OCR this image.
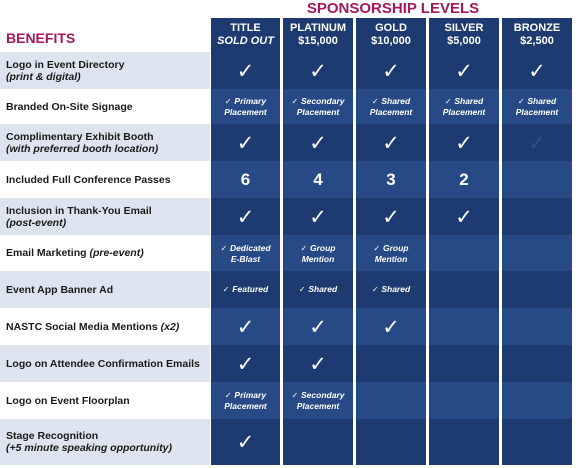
SPONSORSHIP LEVELS
BENEFITS
Logo in Event Directory
(print & digital)
Branded On-Site Signage
Complimentary Exhibit Booth
(with preferred booth location)
Included Full Conference Passes
Inclusion in Thank-You Email
(post-event)
Email Marketing (pre-event)
Event App Banner Ad
NASTC Social Media Mentions (x2)
Logo on Attendee Confirmation Emails
Logo on Event Floorplan
Stage Recognition
(+5 minute speaking opportunity)
TITLE
SOLD OUT
✓
✓ Primary
Placement
✓
6
✓
✓ Dedicated
E-Blast
✓ Featured
✓
✓
✓ Primary
Placement
✓
PLATINUM
$15,000
✓
✓ Secondary
Placement
✓
4
✓
✓ Group
Mention
✓ Shared
✓
✓
✓ Secondary
Placement
GOLD
$10,000
✓
✓ Shared
Placement
✓
3
✓
✓ Group
Mention
✓ Shared
✓
SILVER
$5,000
✓
✓ Shared
Placement
✓
2
✓
BRONZE
$2,500
✓
✓ Shared
Placement
✓
